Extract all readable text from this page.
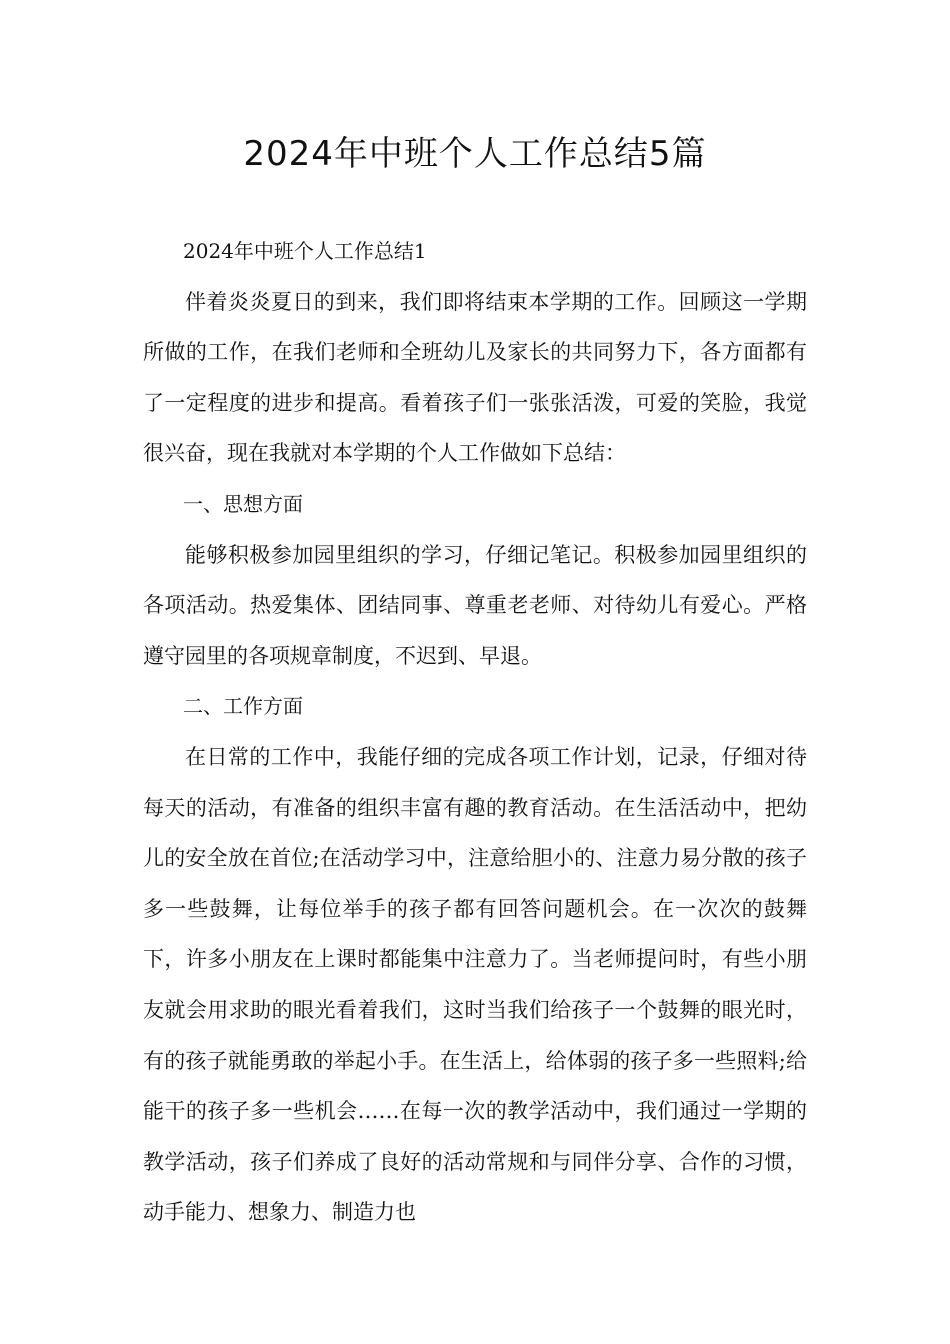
2024年中班个人工作总结5篇

2024年中班个人工作总结1

伴着炎炎夏日的到来，我们即将结束本学期的工作。回顾这一学期所做的工作，在我们老师和全班幼儿及家长的共同努力下，各方面都有了一定程度的进步和提高。看着孩子们一张张活泼，可爱的笑脸，我觉很兴奋，现在我就对本学期的个人工作做如下总结：

一、思想方面

能够积极参加园里组织的学习，仔细记笔记。积极参加园里组织的各项活动。热爱集体、团结同事、尊重老老师、对待幼儿有爱心。严格遵守园里的各项规章制度，不迟到、早退。

二、工作方面

在日常的工作中，我能仔细的完成各项工作计划，记录，仔细对待每天的活动，有准备的组织丰富有趣的教育活动。在生活活动中，把幼儿的安全放在首位;在活动学习中，注意给胆小的、注意力易分散的孩子多一些鼓舞，让每位举手的孩子都有回答问题机会。在一次次的鼓舞下，许多小朋友在上课时都能集中注意力了。当老师提问时，有些小朋友就会用求助的眼光看着我们，这时当我们给孩子一个鼓舞的眼光时，有的孩子就能勇敢的举起小手。在生活上，给体弱的孩子多一些照料;给能干的孩子多一些机会……在每一次的教学活动中，我们通过一学期的教学活动，孩子们养成了良好的活动常规和与同伴分享、合作的习惯，动手能力、想象力、制造力也
